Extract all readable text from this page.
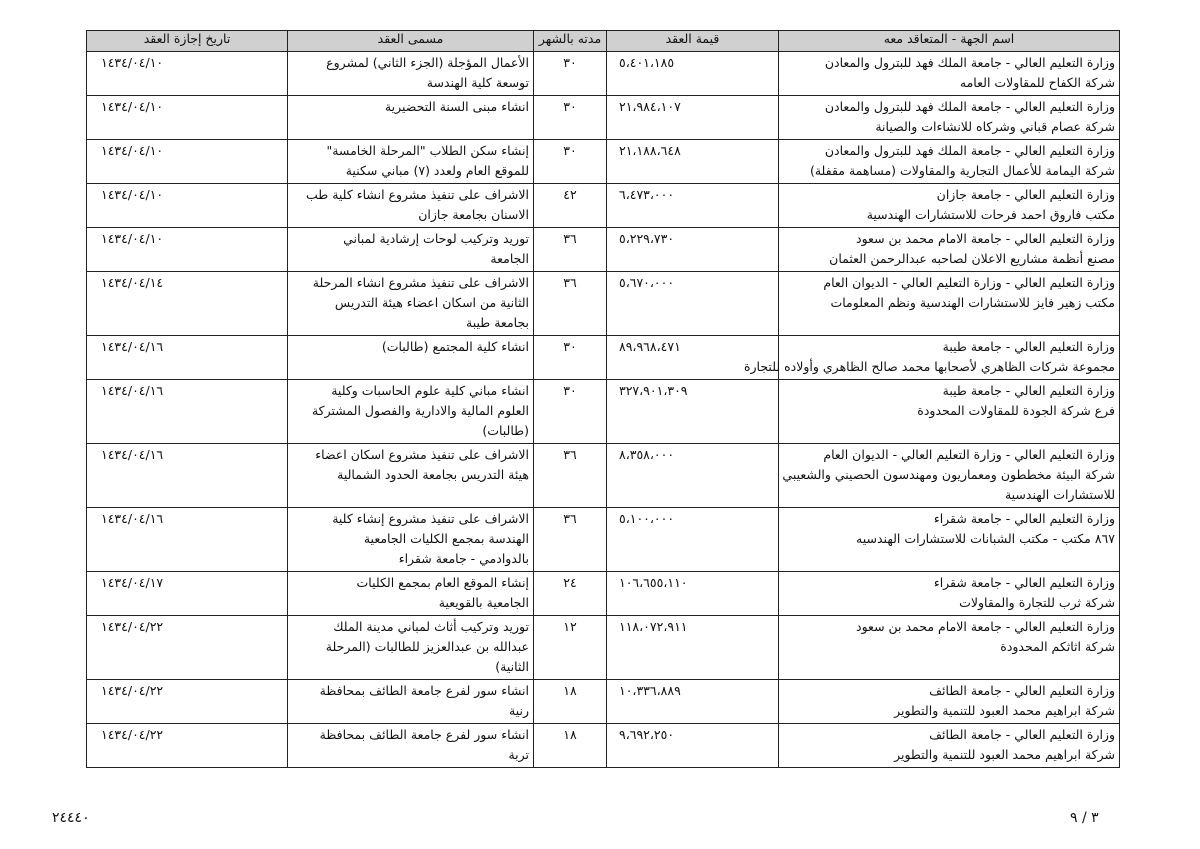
اسم الجهة - المتعاقد معه	قيمة العقد	مدته بالشهر	مسمى العقد	تاريخ إجازة العقد

وزارة التعليم العالي - جامعة الملك فهد للبترول والمعادن
شركة الكفاح للمقاولات العامه	٥،٤٠١،١٨٥	٣٠	الأعمال المؤجلة (الجزء الثاني) لمشروع
توسعة كلية الهندسة	١٤٣٤/٠٤/١٠

وزارة التعليم العالي - جامعة الملك فهد للبترول والمعادن
شركة عصام قباني وشركاه للانشاءات والصيانة	٢١،٩٨٤،١٠٧	٣٠	انشاء مبنى السنة التحضيرية	١٤٣٤/٠٤/١٠

وزارة التعليم العالي - جامعة الملك فهد للبترول والمعادن
شركة اليمامة للأعمال التجارية والمقاولات (مساهمة مقفلة)	٢١،١٨٨،٦٤٨	٣٠	إنشاء سكن الطلاب "المرحلة الخامسة"
للموقع العام ولعدد (٧) مباني سكنية	١٤٣٤/٠٤/١٠

وزارة التعليم العالي - جامعة جازان
مكتب فاروق احمد فرحات للاستشارات الهندسية	٦،٤٧٣،٠٠٠	٤٢	الاشراف على تنفيذ مشروع انشاء كلية طب
الاسنان بجامعة جازان	١٤٣٤/٠٤/١٠

وزارة التعليم العالي - جامعة الامام محمد بن سعود
مصنع أنظمة مشاريع الاعلان لصاحبه عبدالرحمن العثمان	٥،٢٢٩،٧٣٠	٣٦	توريد وتركيب لوحات إرشادية لمباني
الجامعة	١٤٣٤/٠٤/١٠

وزارة التعليم العالي - وزارة التعليم العالي - الديوان العام
مكتب زهير فايز للاستشارات الهندسية ونظم المعلومات	٥،٦٧٠،٠٠٠	٣٦	الاشراف على تنفيذ مشروع انشاء المرحلة
الثانية من اسكان اعضاء هيئة التدريس
بجامعة طيبة	١٤٣٤/٠٤/١٤

وزارة التعليم العالي - جامعة طيبة
مجموعة شركات الظاهري لأصحابها محمد صالح الظاهري وأولاده للتجارة	٨٩،٩٦٨،٤٧١	٣٠	انشاء كلية المجتمع (طالبات)	١٤٣٤/٠٤/١٦

وزارة التعليم العالي - جامعة طيبة
فرع شركة الجودة للمقاولات المحدودة	٣٢٧،٩٠١،٣٠٩	٣٠	انشاء مباني كلية علوم الحاسبات وكلية
العلوم المالية والادارية والفصول المشتركة
(طالبات)	١٤٣٤/٠٤/١٦

وزارة التعليم العالي - وزارة التعليم العالي - الديوان العام
شركة البيئة مخططون ومعماريون ومهندسون الحصيني والشعيبي
للاستشارات الهندسية	٨،٣٥٨،٠٠٠	٣٦	الاشراف على تنفيذ مشروع اسكان اعضاء
هيئة التدريس بجامعة الحدود الشمالية	١٤٣٤/٠٤/١٦

وزارة التعليم العالي - جامعة شقراء
٨٦٧ مكتب - مكتب الشبانات للاستشارات الهندسيه	٥،١٠٠،٠٠٠	٣٦	الاشراف على تنفيذ مشروع إنشاء كلية
الهندسة بمجمع الكليات الجامعية
بالدوادمي - جامعة شقراء	١٤٣٤/٠٤/١٦

وزارة التعليم العالي - جامعة شقراء
شركة ثرب للتجارة والمقاولات	١٠٦،٦٥٥،١١٠	٢٤	إنشاء الموقع العام بمجمع الكليات
الجامعية بالقويعية	١٤٣٤/٠٤/١٧

وزارة التعليم العالي - جامعة الامام محمد بن سعود
شركة اثاثكم المحدودة	١١٨،٠٧٢،٩١١	١٢	توريد وتركيب أثاث لمباني مدينة الملك
عبدالله بن عبدالعزيز للطالبات (المرحلة
الثانية)	١٤٣٤/٠٤/٢٢

وزارة التعليم العالي - جامعة الطائف
شركة ابراهيم محمد العبود للتنمية والتطوير	١٠،٣٣٦،٨٨٩	١٨	انشاء سور لفرع جامعة الطائف بمحافظة
رنية	١٤٣٤/٠٤/٢٢

وزارة التعليم العالي - جامعة الطائف
شركة ابراهيم محمد العبود للتنمية والتطوير	٩،٦٩٢،٢٥٠	١٨	انشاء سور لفرع جامعة الطائف بمحافظة
تربة	١٤٣٤/٠٤/٢٢
٢٤٤٤٠	٣ / ٩
